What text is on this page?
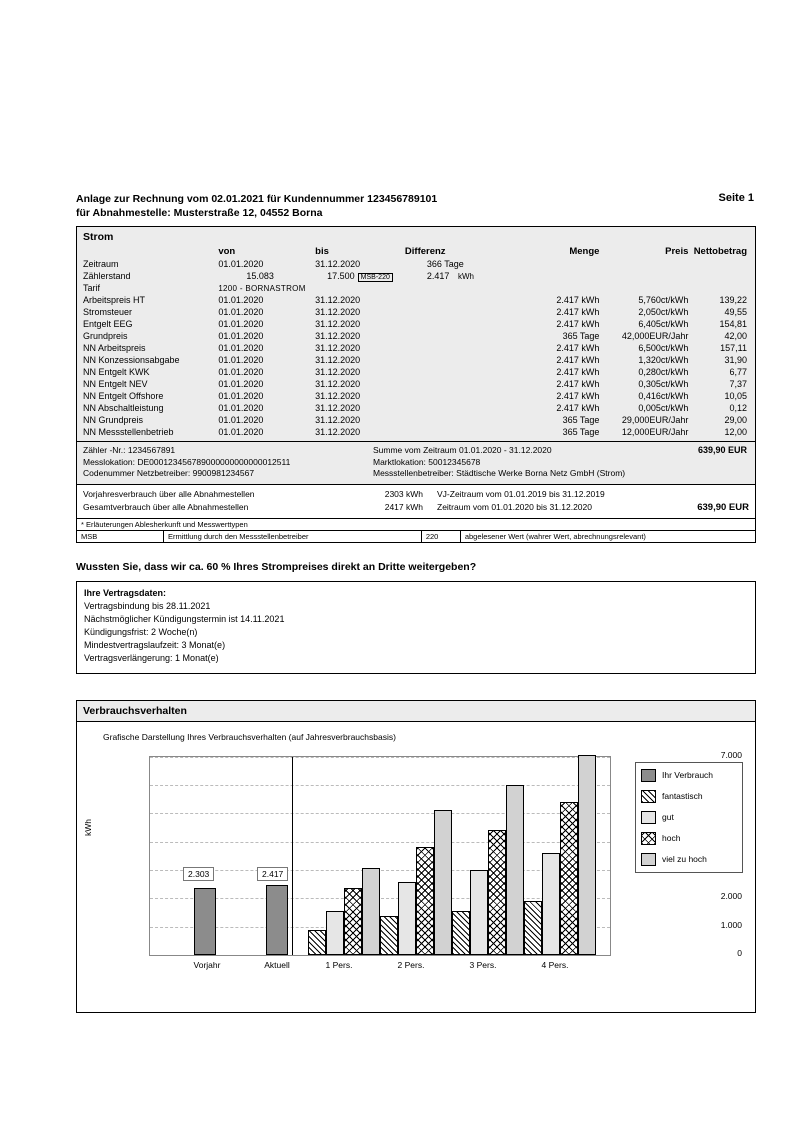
Anlage zur Rechnung vom 02.01.2021 für Kundennummer 123456789101
für Abnahmestelle: Musterstraße 12, 04552 Borna
Seite 1
Strom
	von	bis	Differenz	Menge	Preis	Nettobetrag
Zeitraum	01.01.2020	31.12.2020	366 Tage			
Zählerstand	15.083	17.500 MSB-220	2.417 kWh			
Tarif	1200 - BORNASTROM					
Arbeitspreis HT	01.01.2020	31.12.2020		2.417 kWh	5,760ct/kWh	139,22
Stromsteuer	01.01.2020	31.12.2020		2.417 kWh	2,050ct/kWh	49,55
Entgelt EEG	01.01.2020	31.12.2020		2.417 kWh	6,405ct/kWh	154,81
Grundpreis	01.01.2020	31.12.2020		365 Tage	42,000EUR/Jahr	42,00
NN Arbeitspreis	01.01.2020	31.12.2020		2.417 kWh	6,500ct/kWh	157,11
NN Konzessionsabgabe	01.01.2020	31.12.2020		2.417 kWh	1,320ct/kWh	31,90
NN Entgelt KWK	01.01.2020	31.12.2020		2.417 kWh	0,280ct/kWh	6,77
NN Entgelt NEV	01.01.2020	31.12.2020		2.417 kWh	0,305ct/kWh	7,37
NN Entgelt Offshore	01.01.2020	31.12.2020		2.417 kWh	0,416ct/kWh	10,05
NN Abschaltleistung	01.01.2020	31.12.2020		2.417 kWh	0,005ct/kWh	0,12
NN Grundpreis	01.01.2020	31.12.2020		365 Tage	29,000EUR/Jahr	29,00
NN Messstellenbetrieb	01.01.2020	31.12.2020		365 Tage	12,000EUR/Jahr	12,00
Zähler -Nr.: 1234567891
Messlokation: DE000123456789000000000000012511
Codenummer Netzbetreiber: 9900981234567
Summe vom Zeitraum 01.01.2020 - 31.12.2020	639,90 EUR
Marktlokation: 50012345678
Messstellenbetreiber: Städtische Werke Borna Netz GmbH (Strom)
Vorjahresverbrauch über alle Abnahmestellen	2303 kWh	VJ-Zeitraum vom 01.01.2019 bis 31.12.2019
Gesamtverbrauch über alle Abnahmestellen	2417 kWh	Zeitraum vom 01.01.2020 bis 31.12.2020	639,90 EUR
* Erläuterungen Ablesherkunft und Messwerttypen
MSB	Ermittlung durch den Messstellenbetreiber	220	abgelesener Wert (wahrer Wert, abrechnungsrelevant)
Wussten Sie, dass wir ca. 60 % Ihres Strompreises direkt an Dritte weitergeben?
Ihre Vertragsdaten:
Vertragsbindung bis 28.11.2021
Nächstmöglicher Kündigungstermin ist 14.11.2021
Kündigungsfrist: 2 Woche(n)
Mindestvertragslaufzeit: 3 Monat(e)
Vertragsverlängerung: 1 Monat(e)
Verbrauchsverhalten
Grafische Darstellung Ihres Verbrauchsverhalten (auf Jahresverbrauchsbasis)
kWh
7.000
2.000
1.000
0
2.303	2.417
Vorjahr	Aktuell	1 Pers.	2 Pers.	3 Pers.	4 Pers.
Ihr Verbrauch
fantastisch
gut
hoch
viel zu hoch
